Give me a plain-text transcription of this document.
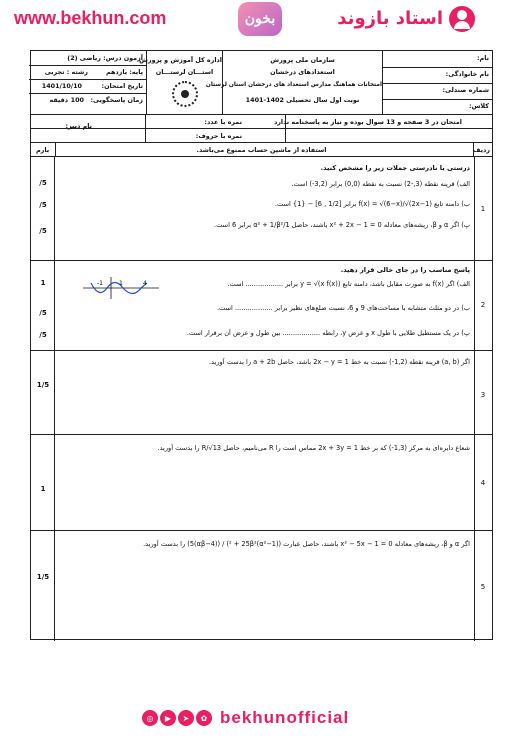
www.bekhun.com	بخون	استاد بازوند
نام:
نام خانوادگی:
شماره صندلی:
کلاس:
سازمان ملی پرورش
استعدادهای درخشان
امتحانات هماهنگ مدارس استعداد های درخشان استان لرستان
نوبت اول سال تحصیلی 1402-1401
اداره کل آموزش و پرورش
استـــان لرستـــان
آزمون درس: ریاضی (2)
پایه: یازدهم
رشته : تجربی
تاریخ امتحان:
1401/10/10
زمان پاسخگویی:
100
دقیقه
امتحان در 3 صفحه و 13 سوال بوده و نیاز به پاسخنامه ندارد
نمره با عدد:
نام دبیر:
نمره با حروف:
ردیف
استفاده از ماشین حساب ممنوع می‌باشد.
بارم
1
درستی یا نادرستی جملات زیر را مشخص کنید.
الف) قرینه نقطه (3,-2) نسبت به نقطه (0,0) برابر (3,2-) است.
ب) دامنه تابع f(x) = √(6−x)/√(2x−1) برابر [1/2 , 6] − {1} است.
پ) اگر α و β، ریشه‌های معادله x² + 2x − 1 = 0 باشند، حاصل 1/α² + 1/β² برابر 6 است.
/5
/5
/5
2
پاسخ مناسب را در جای خالی قرار دهید.
الف) اگر f(x) به صورت مقابل باشد، دامنه تابع y = √(x f(x)) برابر .................. است.
ب) در دو مثلث متشابه با مساحت‌های 9 و 6، نسبت ضلع‌های نظیر برابر .................. است.
پ) در یک مستطیل طلایی با طول x و عرض y، رابطه .................. بین طول و عرض آن برقرار است.
-1	1	4
1
/5
/5
3
اگر (a, b) قرینه نقطه (1,2-) نسبت به خط 2x − y = 1 باشد، حاصل a + 2b را بدست آورید.
1/5
4
شعاع دایره‌ای به مرکز (1,3-) که بر خط 2x + 3y = 1 مماس است را R می‌نامیم، حاصل R/√13 را بدست آورید.
1
5
اگر α و β، ریشه‌های معادله x² − 5x − 1 = 0 باشند، حاصل عبارت ((α²−1)² + 25β²) / (5(αβ−4)) را بدست آورید.
1/5
◎	▶	➤	✿ bekhunofficial
